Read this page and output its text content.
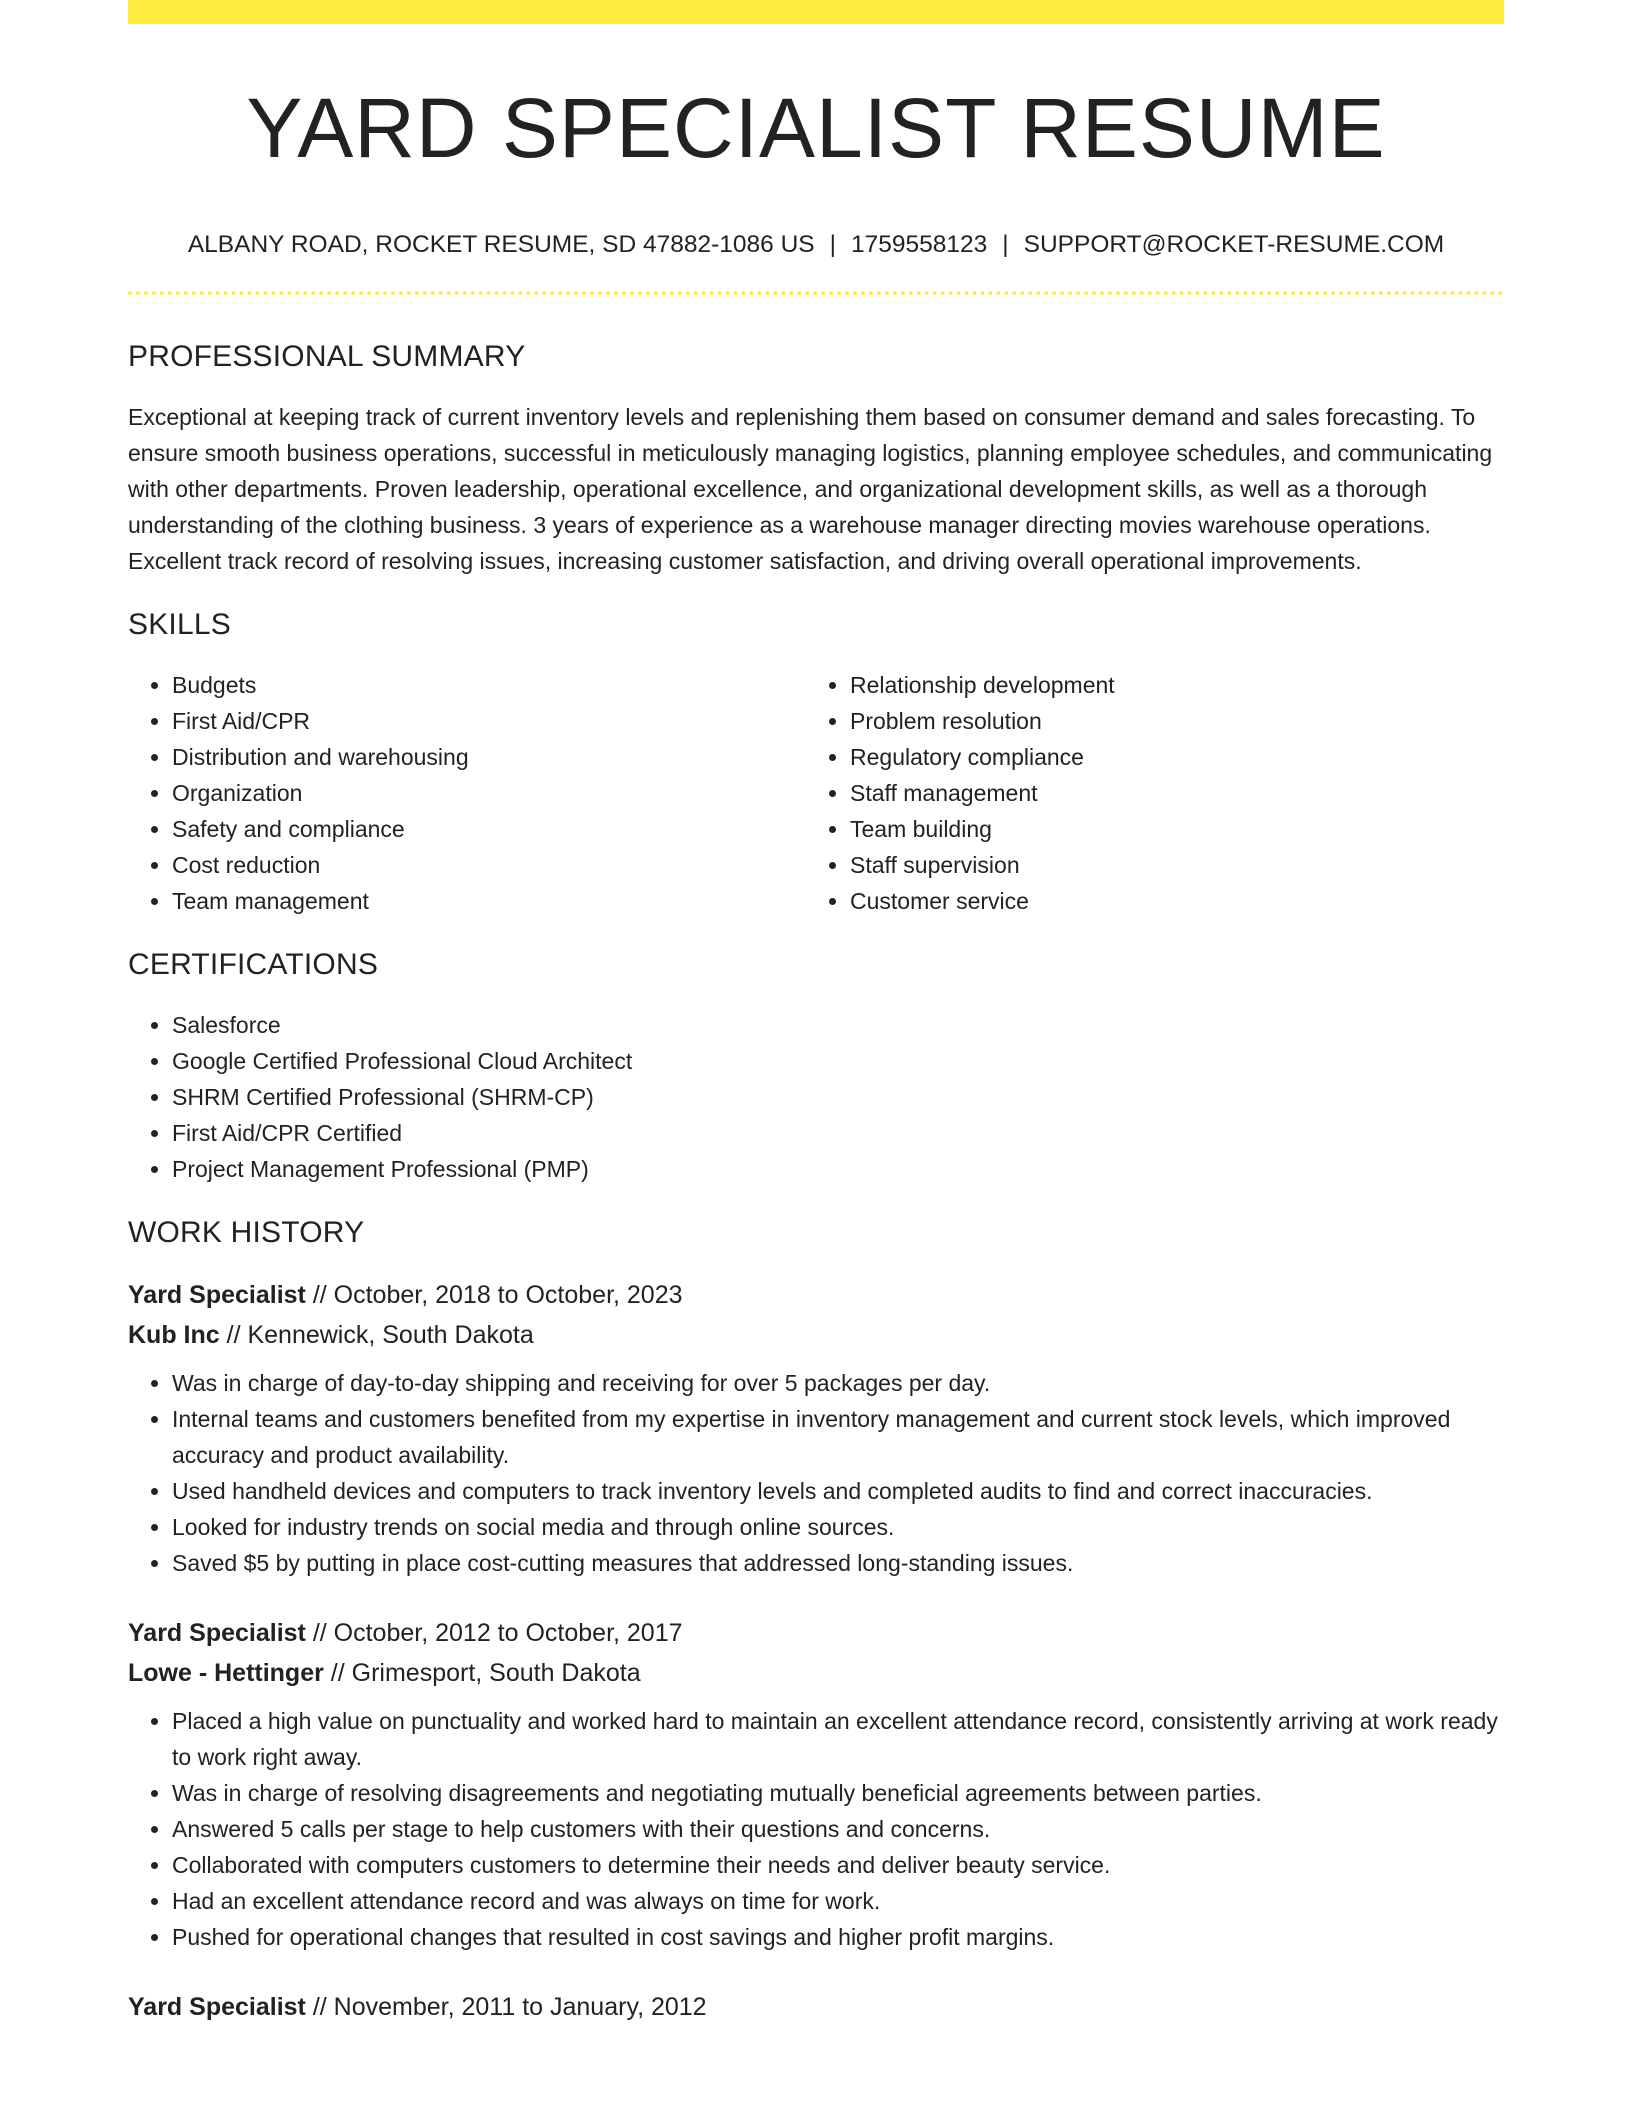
YARD SPECIALIST RESUME
ALBANY ROAD, ROCKET RESUME, SD 47882-1086 US | 1759558123 | SUPPORT@ROCKET-RESUME.COM
PROFESSIONAL SUMMARY

Exceptional at keeping track of current inventory levels and replenishing them based on consumer demand and sales forecasting. To ensure smooth business operations, successful in meticulously managing logistics, planning employee schedules, and communicating with other departments. Proven leadership, operational excellence, and organizational development skills, as well as a thorough understanding of the clothing business. 3 years of experience as a warehouse manager directing movies warehouse operations. Excellent track record of resolving issues, increasing customer satisfaction, and driving overall operational improvements.

SKILLS
• Budgets
• First Aid/CPR
• Distribution and warehousing
• Organization
• Safety and compliance
• Cost reduction
• Team management
• Relationship development
• Problem resolution
• Regulatory compliance
• Staff management
• Team building
• Staff supervision
• Customer service
CERTIFICATIONS
• Salesforce
• Google Certified Professional Cloud Architect
• SHRM Certified Professional (SHRM-CP)
• First Aid/CPR Certified
• Project Management Professional (PMP)
WORK HISTORY
Yard Specialist // October, 2018 to October, 2023
Kub Inc // Kennewick, South Dakota
• Was in charge of day-to-day shipping and receiving for over 5 packages per day.
• Internal teams and customers benefited from my expertise in inventory management and current stock levels, which improved accuracy and product availability.
• Used handheld devices and computers to track inventory levels and completed audits to find and correct inaccuracies.
• Looked for industry trends on social media and through online sources.
• Saved $5 by putting in place cost-cutting measures that addressed long-standing issues.
Yard Specialist // October, 2012 to October, 2017
Lowe - Hettinger // Grimesport, South Dakota
• Placed a high value on punctuality and worked hard to maintain an excellent attendance record, consistently arriving at work ready to work right away.
• Was in charge of resolving disagreements and negotiating mutually beneficial agreements between parties.
• Answered 5 calls per stage to help customers with their questions and concerns.
• Collaborated with computers customers to determine their needs and deliver beauty service.
• Had an excellent attendance record and was always on time for work.
• Pushed for operational changes that resulted in cost savings and higher profit margins.
Yard Specialist // November, 2011 to January, 2012
